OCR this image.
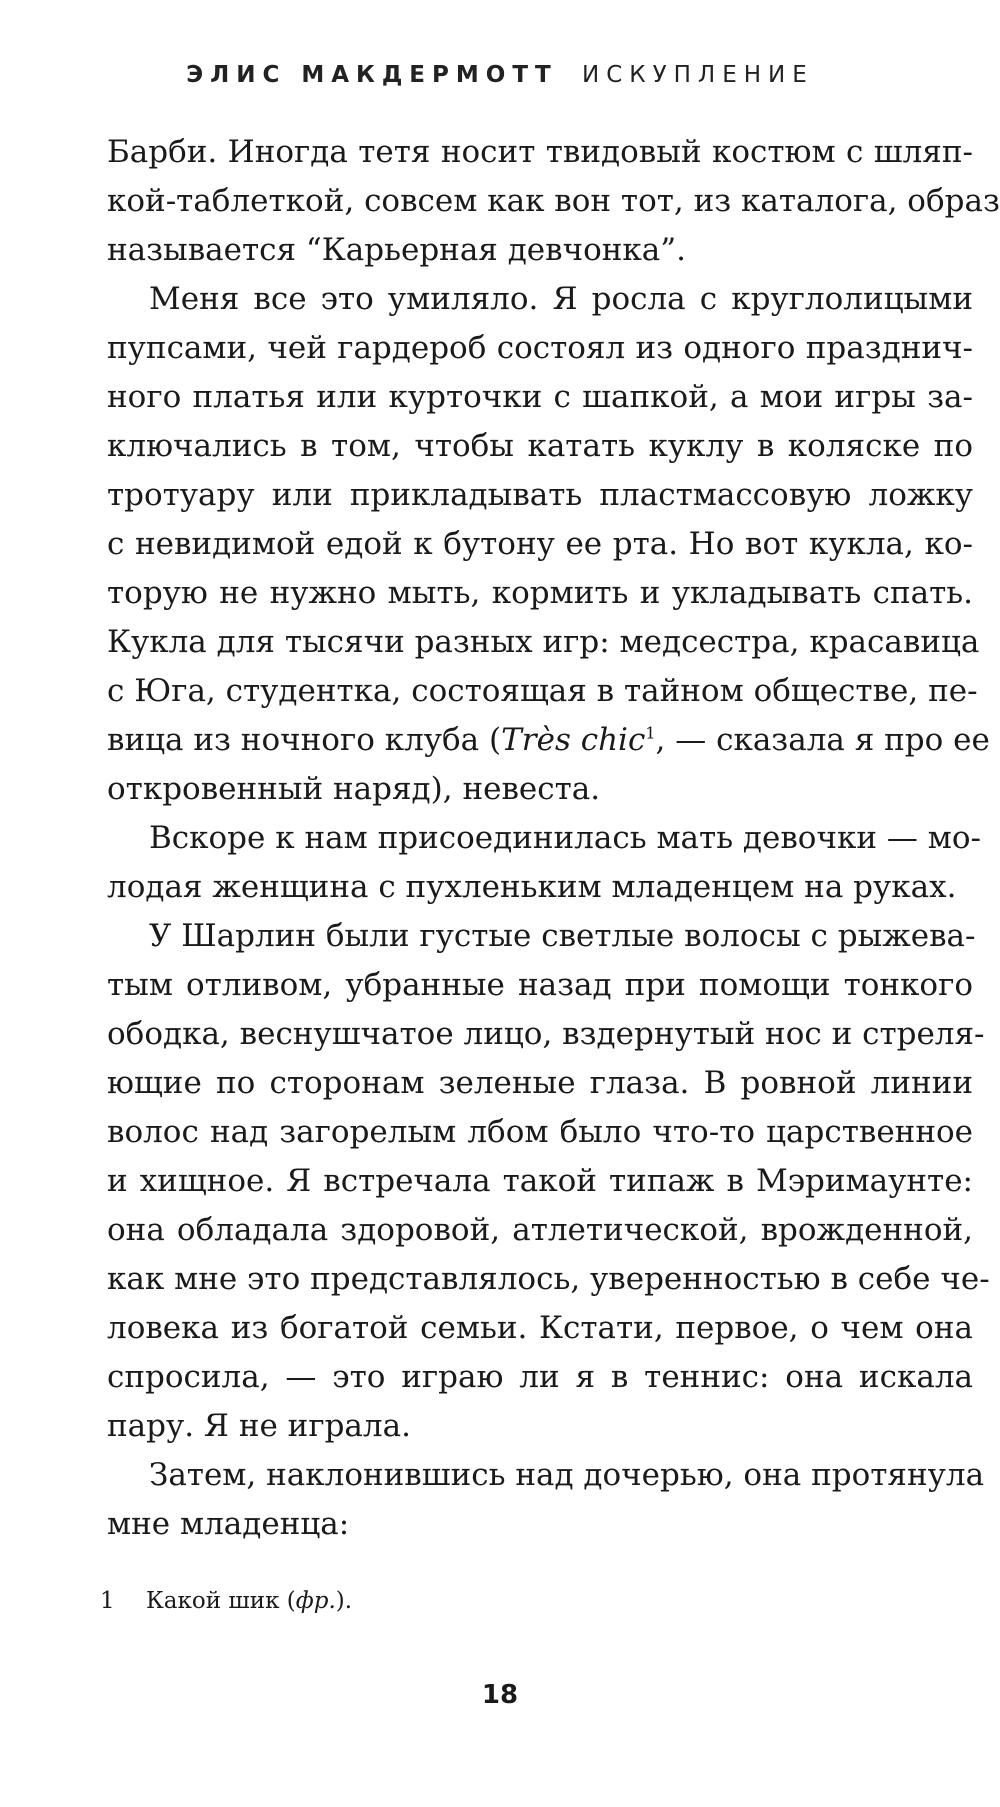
ЭЛИС МАКДЕРМОТТ ИСКУПЛЕНИЕ
Барби. Иногда тетя носит твидовый костюм с шляп-
кой-таблеткой, совсем как вон тот, из каталога, образ
называется “Карьерная девчонка”.
Меня все это умиляло. Я росла с круглолицыми
пупсами, чей гардероб состоял из одного празднич-
ного платья или курточки с шапкой, а мои игры за-
ключались в том, чтобы катать куклу в коляске по
тротуару или прикладывать пластмассовую ложку
с невидимой едой к бутону ее рта. Но вот кукла, ко-
торую не нужно мыть, кормить и укладывать спать.
Кукла для тысячи разных игр: медсестра, красавица
с Юга, студентка, состоящая в тайном обществе, пе-
вица из ночного клуба (Très chic$^1$, — сказала я про ее
откровенный наряд), невеста.
Вскоре к нам присоединилась мать девочки — мо-
лодая женщина с пухленьким младенцем на руках.
У Шарлин были густые светлые волосы с рыжева-
тым отливом, убранные назад при помощи тонкого
ободка, веснушчатое лицо, вздернутый нос и стреля-
ющие по сторонам зеленые глаза. В ровной линии
волос над загорелым лбом было что-то царственное
и хищное. Я встречала такой типаж в Мэримаунте:
она обладала здоровой, атлетической, врожденной,
как мне это представлялось, уверенностью в себе че-
ловека из богатой семьи. Кстати, первое, о чем она
спросила, — это играю ли я в теннис: она искала
пару. Я не играла.
Затем, наклонившись над дочерью, она протянула
мне младенца:
1 Какой шик (фр.).
18
